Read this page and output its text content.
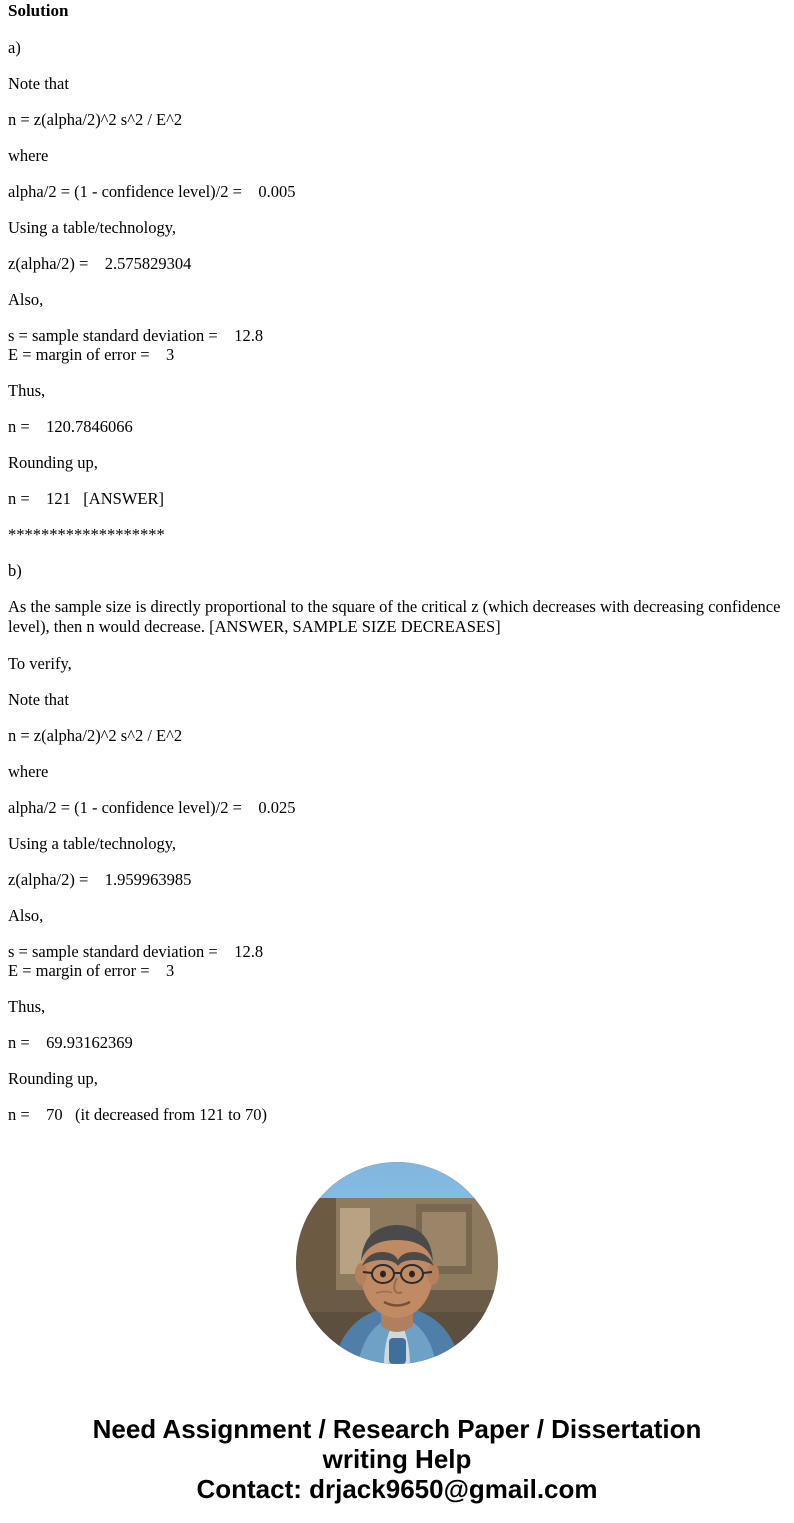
Solution
a)
Note that
n = z(alpha/2)^2 s^2 / E^2
where
alpha/2 = (1 - confidence level)/2 =    0.005
Using a table/technology,
z(alpha/2) =    2.575829304
Also,
s = sample standard deviation =    12.8
E = margin of error =    3
Thus,
n =    120.7846066
Rounding up,
n =    121   [ANSWER]
*******************
b)
As the sample size is directly proportional to the square of the critical z (which decreases with decreasing confidence level), then n would decrease. [ANSWER, SAMPLE SIZE DECREASES]
To verify,
Note that
n = z(alpha/2)^2 s^2 / E^2
where
alpha/2 = (1 - confidence level)/2 =    0.025
Using a table/technology,
z(alpha/2) =    1.959963985
Also,
s = sample standard deviation =    12.8
E = margin of error =    3
Thus,
n =    69.93162369
Rounding up,
n =    70   (it decreased from 121 to 70)
Need Assignment / Research Paper / Dissertation
writing Help
Contact: drjack9650@gmail.com
